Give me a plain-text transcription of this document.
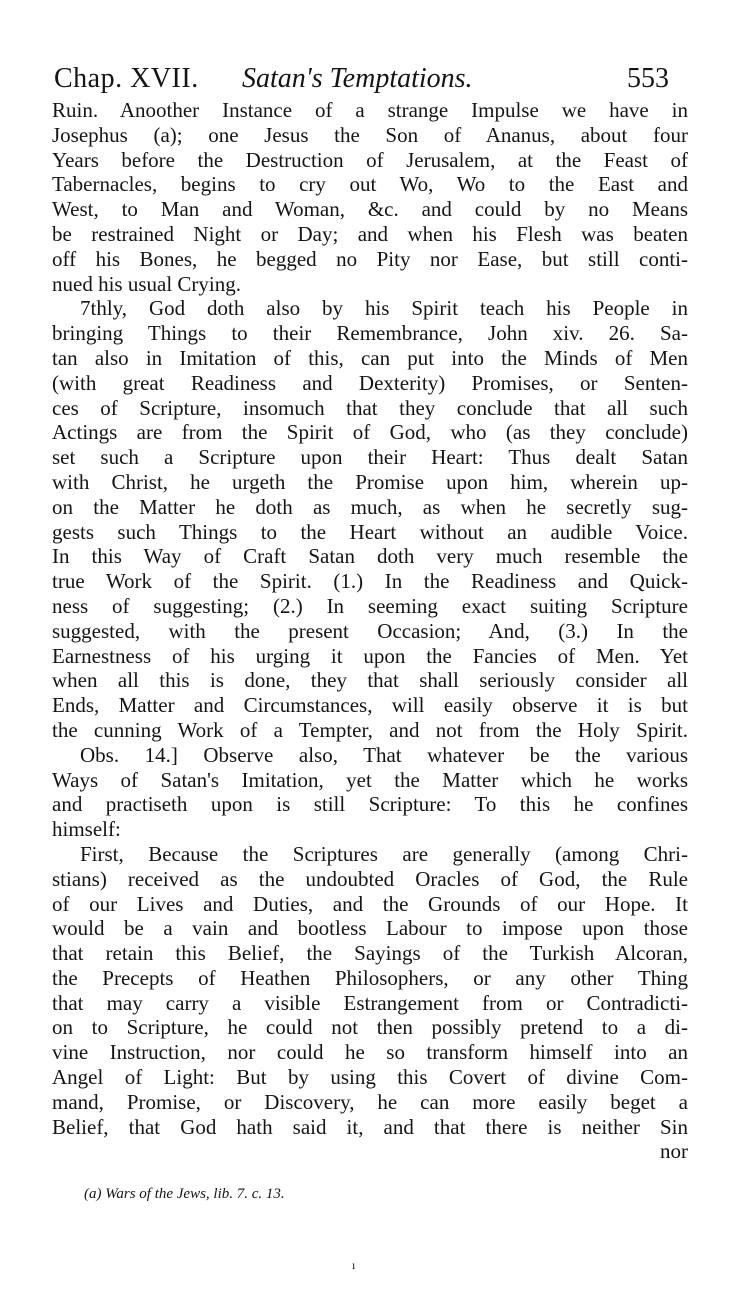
Chap. XVII. Satan's Temptations.	553
Ruin. Anoother Instance of a strange Impulse we have in
Josephus (a); one Jesus the Son of Ananus, about four
Years before the Destruction of Jerusalem, at the Feast of
Tabernacles, begins to cry out Wo, Wo to the East and
West, to Man and Woman, &c. and could by no Means
be restrained Night or Day; and when his Flesh was beaten
off his Bones, he begged no Pity nor Ease, but still conti-
nued his usual Crying.
7thly, God doth also by his Spirit teach his People in
bringing Things to their Remembrance, John xiv. 26. Sa-
tan also in Imitation of this, can put into the Minds of Men
(with great Readiness and Dexterity) Promises, or Senten-
ces of Scripture, insomuch that they conclude that all such
Actings are from the Spirit of God, who (as they conclude)
set such a Scripture upon their Heart: Thus dealt Satan
with Christ, he urgeth the Promise upon him, wherein up-
on the Matter he doth as much, as when he secretly sug-
gests such Things to the Heart without an audible Voice.
In this Way of Craft Satan doth very much resemble the
true Work of the Spirit. (1.) In the Readiness and Quick-
ness of suggesting; (2.) In seeming exact suiting Scripture
suggested, with the present Occasion; And, (3.) In the
Earnestness of his urging it upon the Fancies of Men. Yet
when all this is done, they that shall seriously consider all
Ends, Matter and Circumstances, will easily observe it is but
the cunning Work of a Tempter, and not from the Holy Spirit.
Obs. 14.] Observe also, That whatever be the various
Ways of Satan's Imitation, yet the Matter which he works
and practiseth upon is still Scripture: To this he confines
himself:
First, Because the Scriptures are generally (among Chri-
stians) received as the undoubted Oracles of God, the Rule
of our Lives and Duties, and the Grounds of our Hope. It
would be a vain and bootless Labour to impose upon those
that retain this Belief, the Sayings of the Turkish Alcoran,
the Precepts of Heathen Philosophers, or any other Thing
that may carry a visible Estrangement from or Contradicti-
on to Scripture, he could not then possibly pretend to a di-
vine Instruction, nor could he so transform himself into an
Angel of Light: But by using this Covert of divine Com-
mand, Promise, or Discovery, he can more easily beget a
Belief, that God hath said it, and that there is neither Sin
nor
(a) Wars of the Jews, lib. 7. c. 13.
ı
